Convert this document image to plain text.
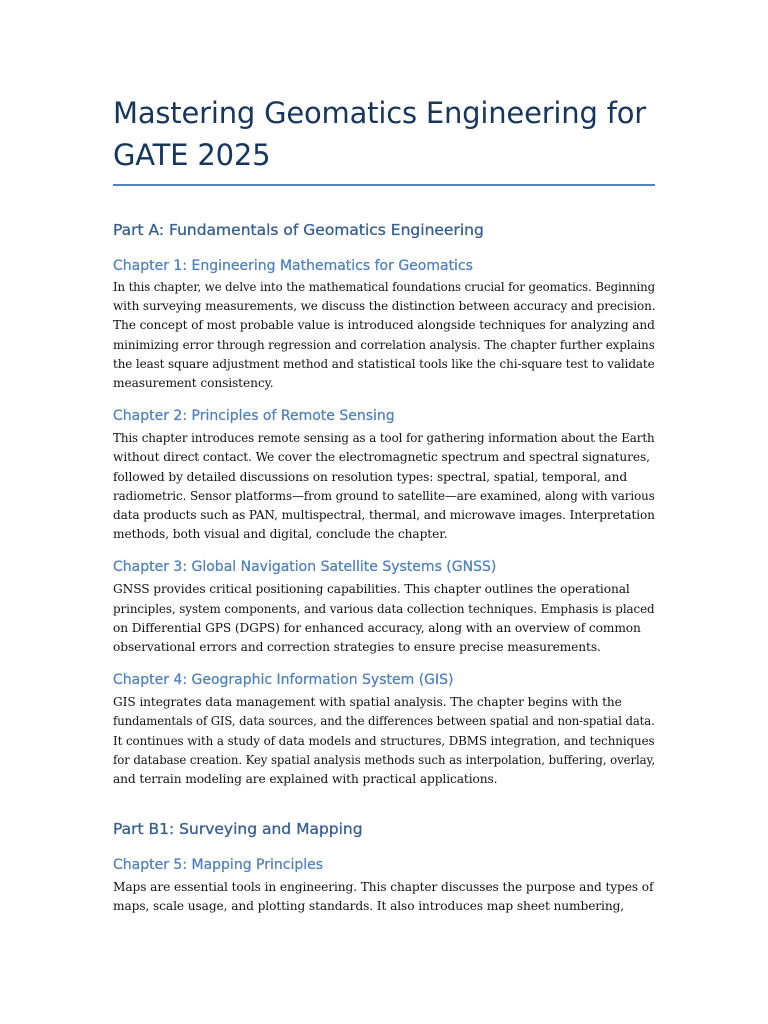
Mastering Geomatics Engineering for
GATE 2025
Part A: Fundamentals of Geomatics Engineering
Chapter 1: Engineering Mathematics for Geomatics

In this chapter, we delve into the mathematical foundations crucial for geomatics. Beginning
with surveying measurements, we discuss the distinction between accuracy and precision.
The concept of most probable value is introduced alongside techniques for analyzing and
minimizing error through regression and correlation analysis. The chapter further explains
the least square adjustment method and statistical tools like the chi-square test to validate
measurement consistency.

Chapter 2: Principles of Remote Sensing

This chapter introduces remote sensing as a tool for gathering information about the Earth
without direct contact. We cover the electromagnetic spectrum and spectral signatures,
followed by detailed discussions on resolution types: spectral, spatial, temporal, and
radiometric. Sensor platforms—from ground to satellite—are examined, along with various
data products such as PAN, multispectral, thermal, and microwave images. Interpretation
methods, both visual and digital, conclude the chapter.

Chapter 3: Global Navigation Satellite Systems (GNSS)

GNSS provides critical positioning capabilities. This chapter outlines the operational
principles, system components, and various data collection techniques. Emphasis is placed
on Differential GPS (DGPS) for enhanced accuracy, along with an overview of common
observational errors and correction strategies to ensure precise measurements.

Chapter 4: Geographic Information System (GIS)

GIS integrates data management with spatial analysis. The chapter begins with the
fundamentals of GIS, data sources, and the differences between spatial and non-spatial data.
It continues with a study of data models and structures, DBMS integration, and techniques
for database creation. Key spatial analysis methods such as interpolation, buffering, overlay,
and terrain modeling are explained with practical applications.

Part B1: Surveying and Mapping
Chapter 5: Mapping Principles

Maps are essential tools in engineering. This chapter discusses the purpose and types of
maps, scale usage, and plotting standards. It also introduces map sheet numbering,
